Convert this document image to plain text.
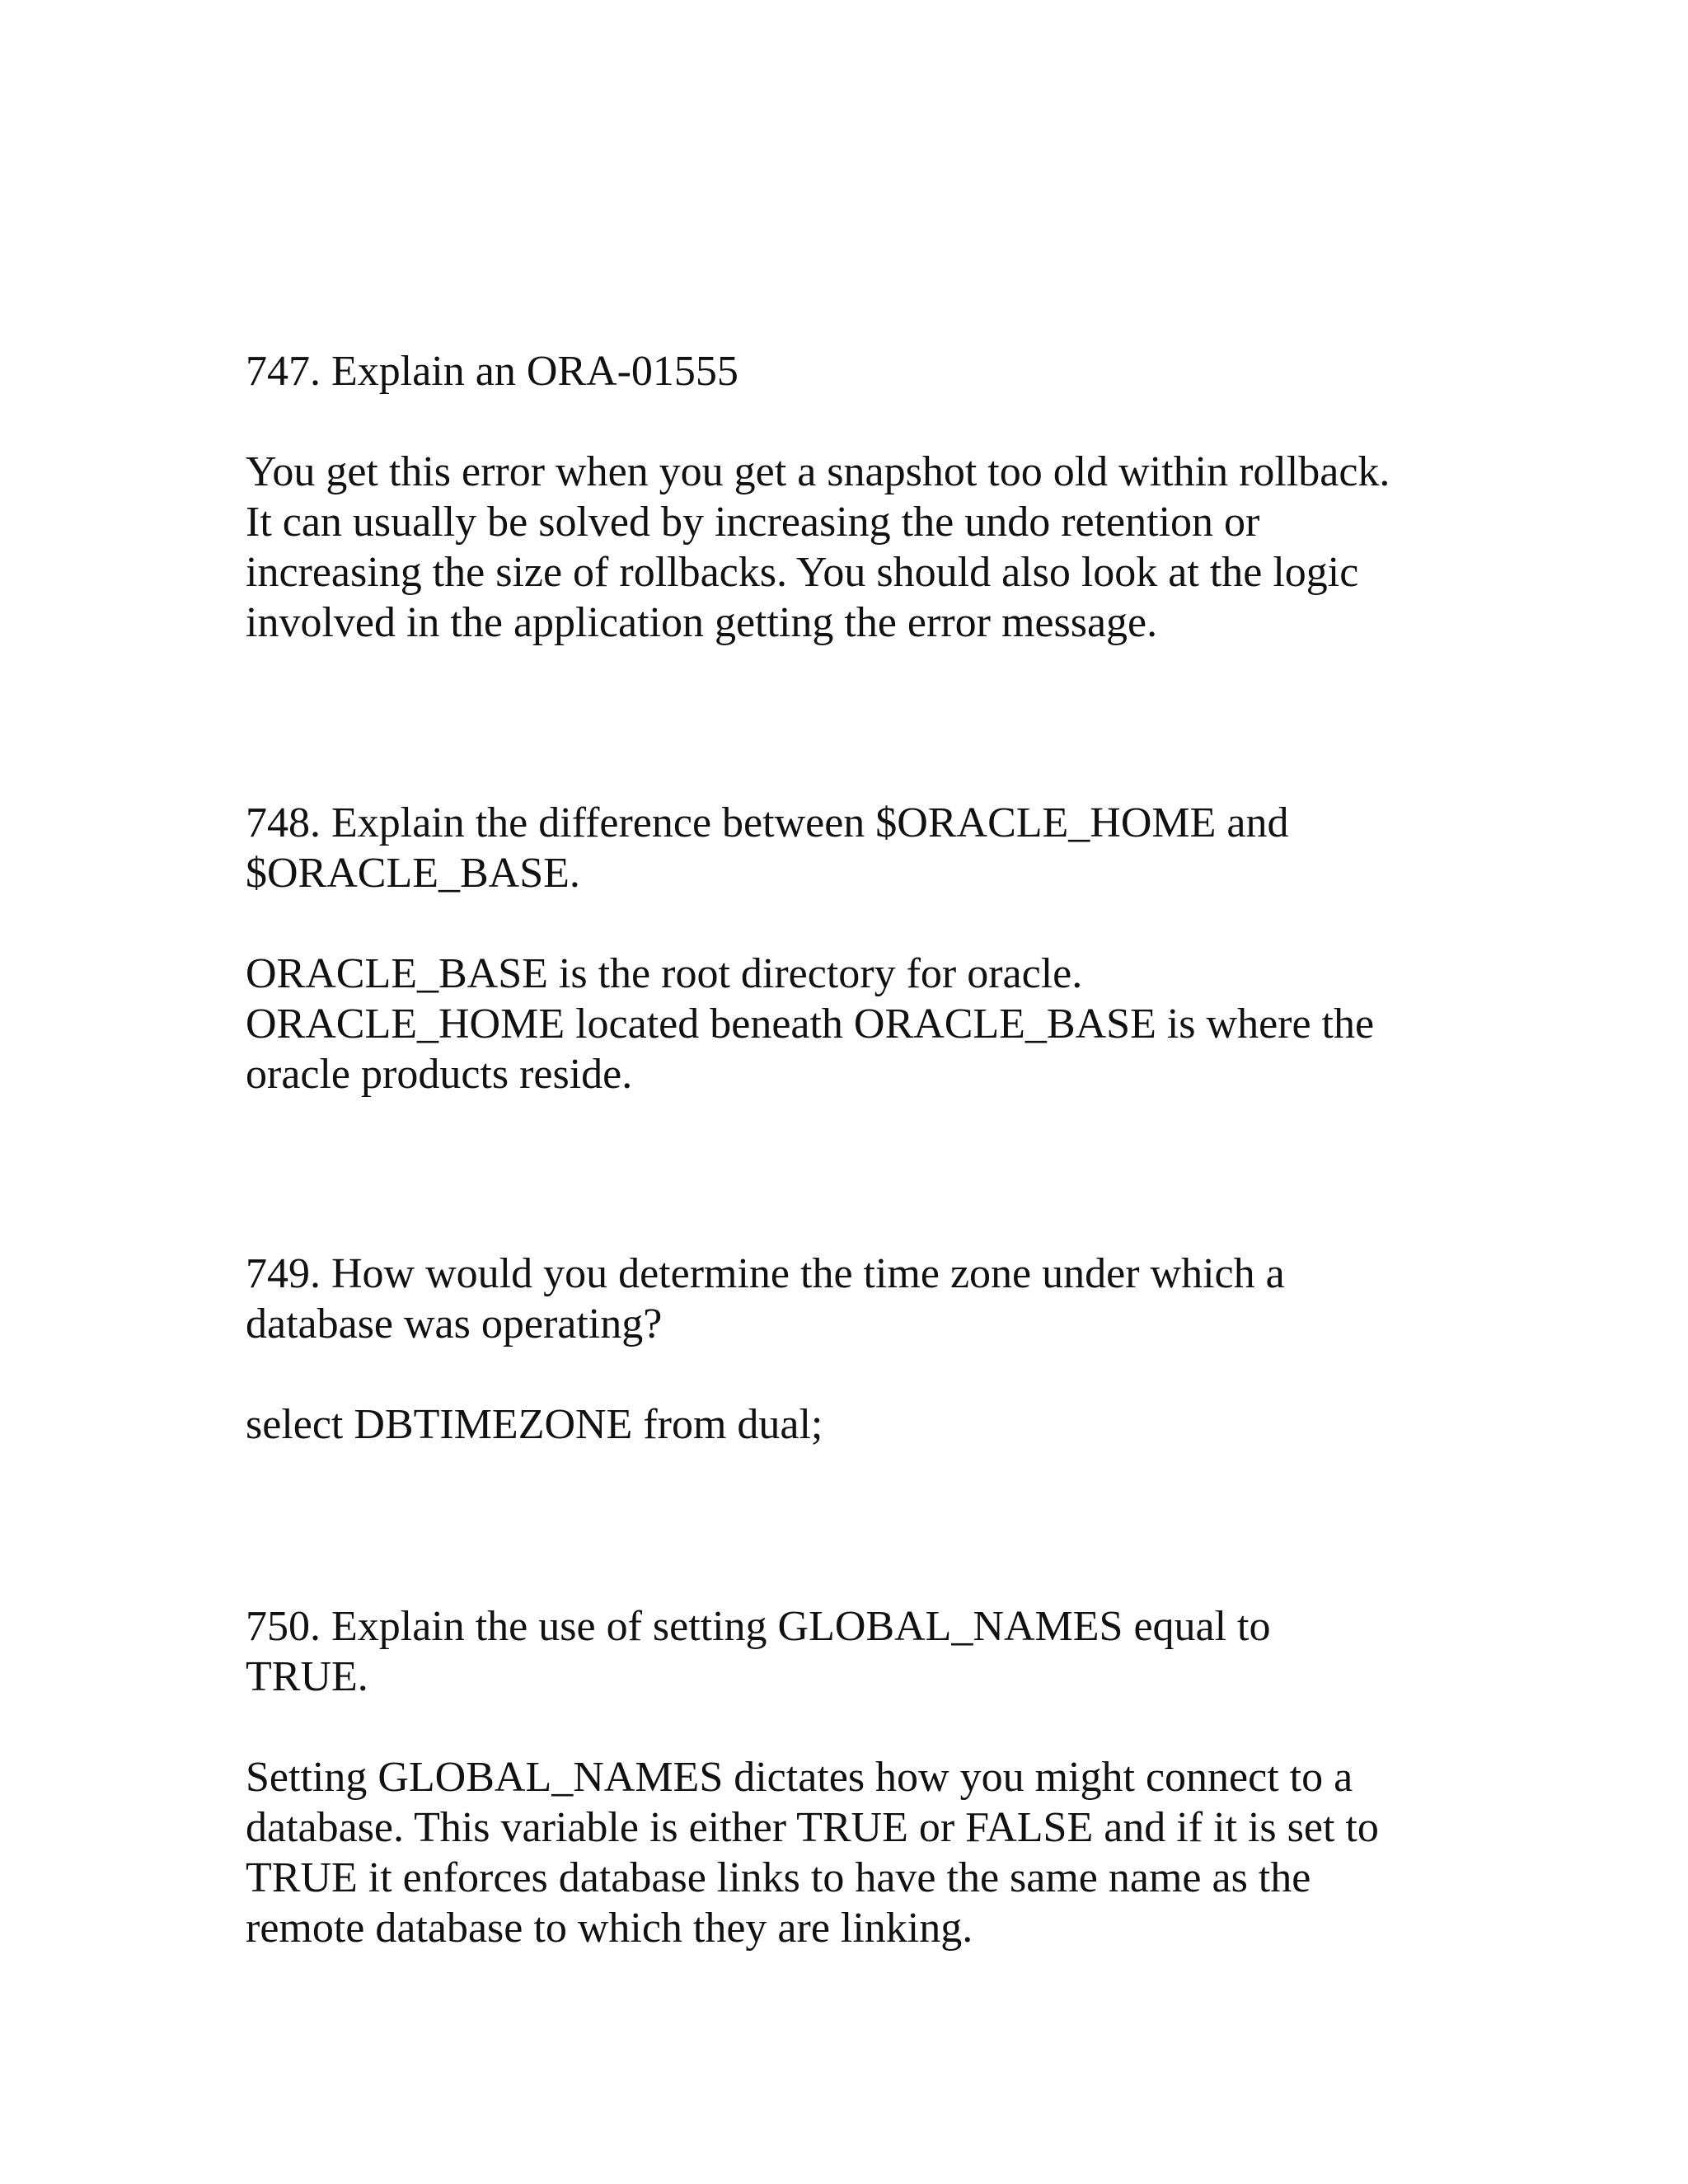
747. Explain an ORA-01555

You get this error when you get a snapshot too old within rollback.
It can usually be solved by increasing the undo retention or
increasing the size of rollbacks. You should also look at the logic
involved in the application getting the error message.

748. Explain the difference between $ORACLE_HOME and
$ORACLE_BASE.

ORACLE_BASE is the root directory for oracle.
ORACLE_HOME located beneath ORACLE_BASE is where the
oracle products reside.

749. How would you determine the time zone under which a
database was operating?

select DBTIMEZONE from dual;

750. Explain the use of setting GLOBAL_NAMES equal to
TRUE.

Setting GLOBAL_NAMES dictates how you might connect to a
database. This variable is either TRUE or FALSE and if it is set to
TRUE it enforces database links to have the same name as the
remote database to which they are linking.
